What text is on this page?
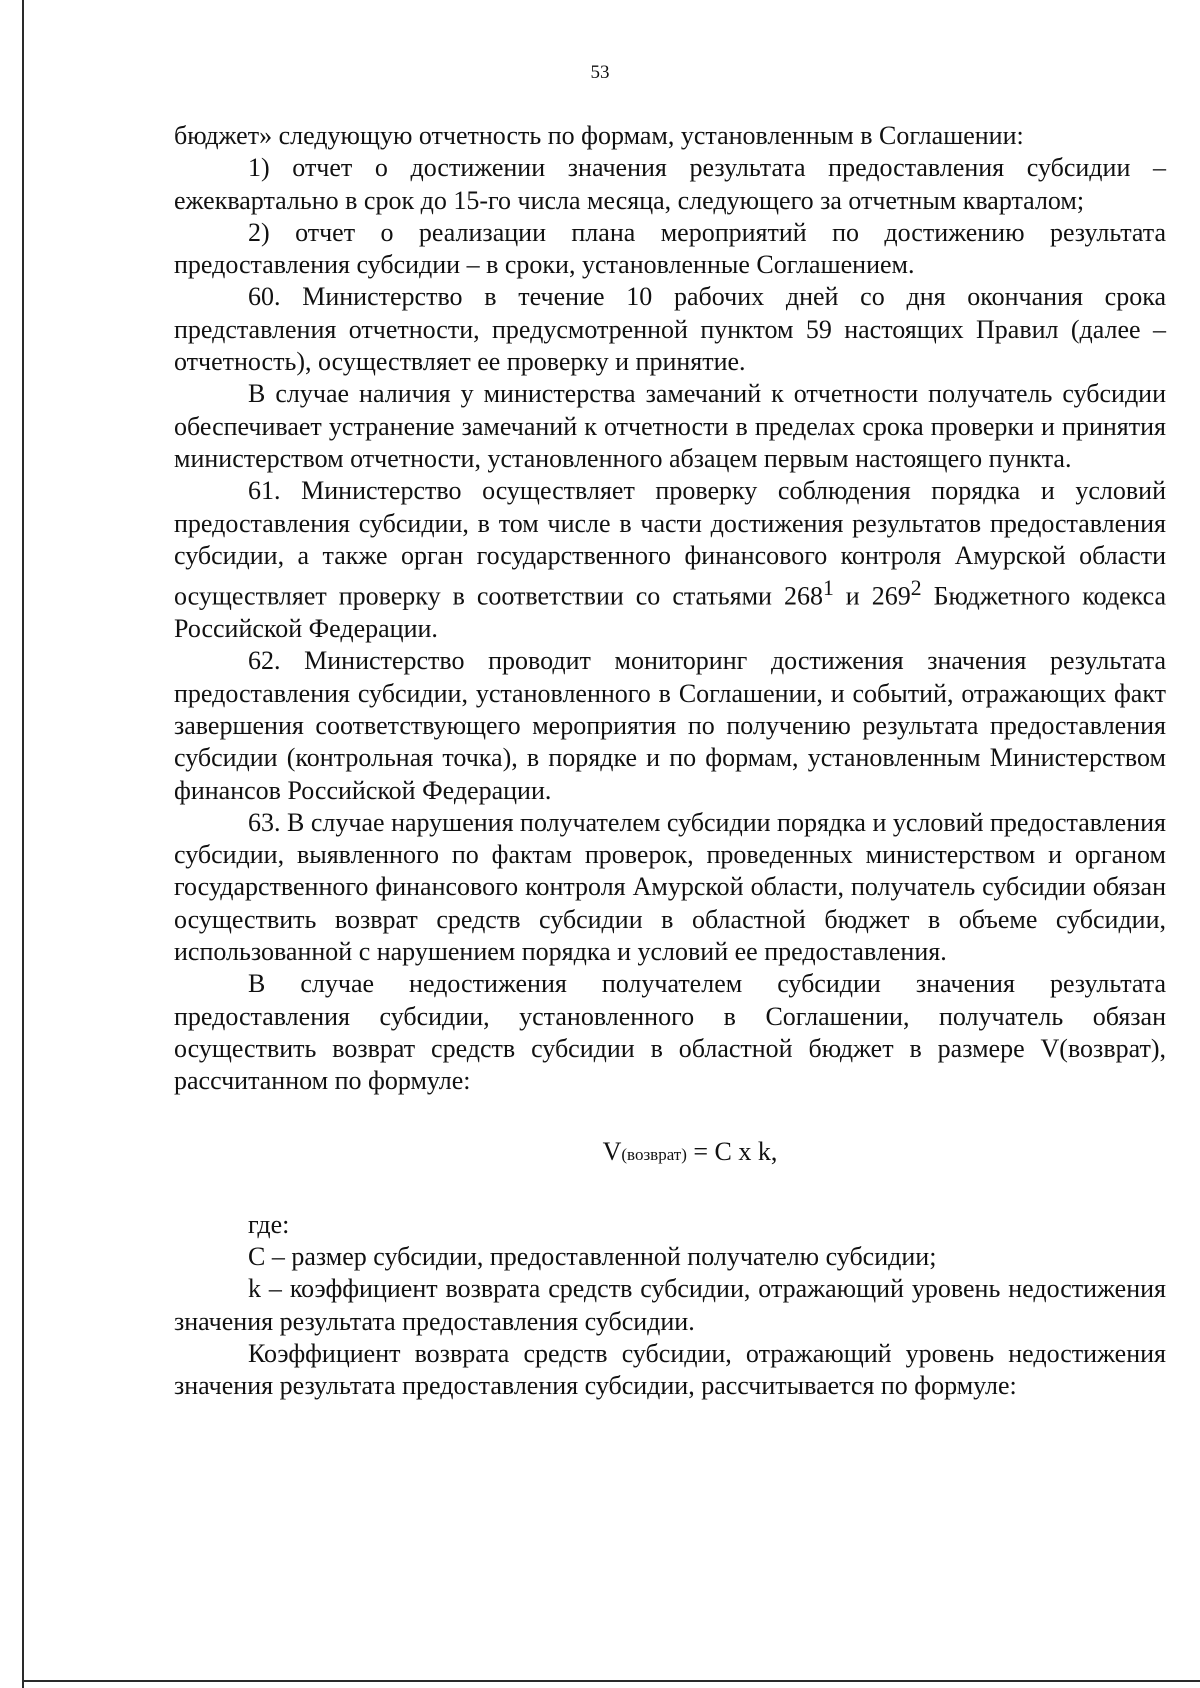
53

бюджет» следующую отчетность по формам, установленным в Соглашении:

1) отчет о достижении значения результата предоставления субсидии – ежеквартально в срок до 15-го числа месяца, следующего за отчетным кварталом;

2) отчет о реализации плана мероприятий по достижению результата предоставления субсидии – в сроки, установленные Соглашением.

60. Министерство в течение 10 рабочих дней со дня окончания срока представления отчетности, предусмотренной пунктом 59 настоящих Правил (далее – отчетность), осуществляет ее проверку и принятие.

В случае наличия у министерства замечаний к отчетности получатель субсидии обеспечивает устранение замечаний к отчетности в пределах срока проверки и принятия министерством отчетности, установленного абзацем первым настоящего пункта.

61. Министерство осуществляет проверку соблюдения порядка и условий предоставления субсидии, в том числе в части достижения результатов предоставления субсидии, а также орган государственного финансового контроля Амурской области осуществляет проверку в соответствии со статьями $268^1$ и $269^2$ Бюджетного кодекса Российской Федерации.

62. Министерство проводит мониторинг достижения значения результата предоставления субсидии, установленного в Соглашении, и событий, отражающих факт завершения соответствующего мероприятия по получению результата предоставления субсидии (контрольная точка), в порядке и по формам, установленным Министерством финансов Российской Федерации.

63. В случае нарушения получателем субсидии порядка и условий предоставления субсидии, выявленного по фактам проверок, проведенных министерством и органом государственного финансового контроля Амурской области, получатель субсидии обязан осуществить возврат средств субсидии в областной бюджет в объеме субсидии, использованной с нарушением порядка и условий ее предоставления.

В случае недостижения получателем субсидии значения результата предоставления субсидии, установленного в Соглашении, получатель обязан осуществить возврат средств субсидии в областной бюджет в размере V(возврат), рассчитанном по формуле:

V(возврат) = C x k,

где:

C – размер субсидии, предоставленной получателю субсидии;

k – коэффициент возврата средств субсидии, отражающий уровень недостижения значения результата предоставления субсидии.

Коэффициент возврата средств субсидии, отражающий уровень недостижения значения результата предоставления субсидии, рассчитывается по формуле:
